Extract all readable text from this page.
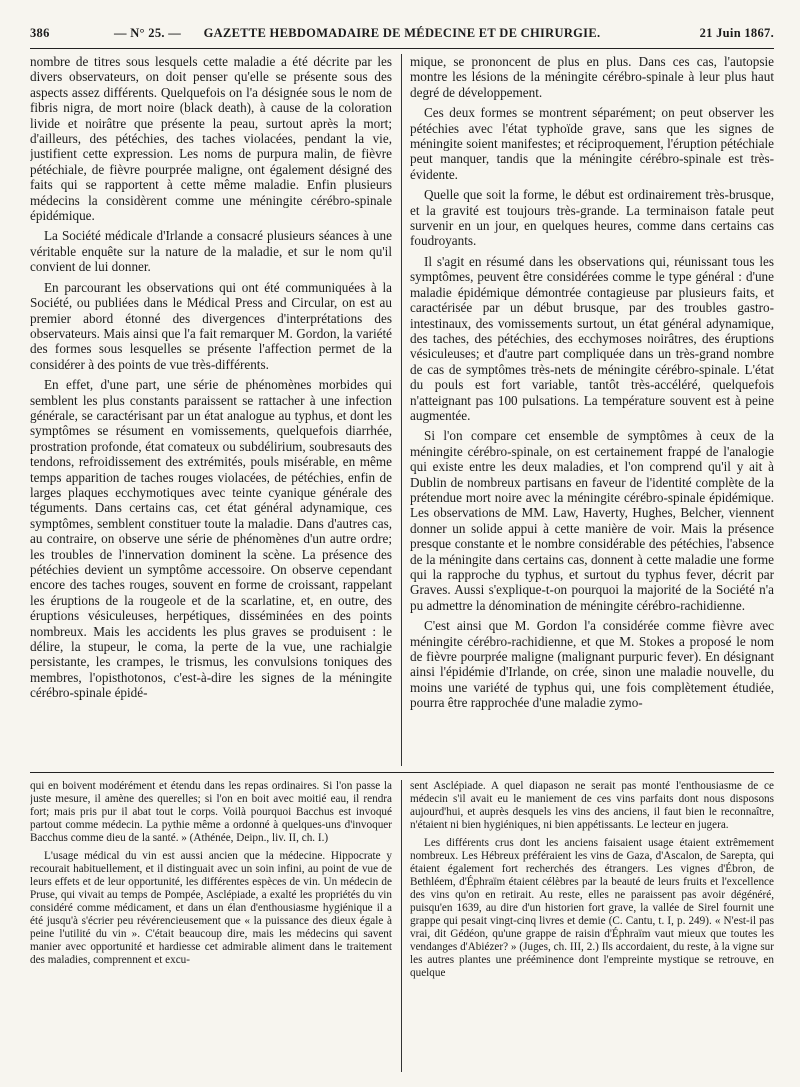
386	— N° 25. —	GAZETTE HEBDOMADAIRE DE MÉDECINE ET DE CHIRURGIE.	21 Juin 1867.

nombre de titres sous lesquels cette maladie a été décrite par les divers observateurs, on doit penser qu'elle se présente sous des aspects assez différents. Quelquefois on l'a désignée sous le nom de fibris nigra, de mort noire (black death), à cause de la coloration livide et noirâtre que présente la peau, surtout après la mort; d'ailleurs, des pétéchies, des taches violacées, pendant la vie, justifient cette expression. Les noms de purpura malin, de fièvre pétéchiale, de fièvre pourprée maligne, ont également désigné des faits qui se rapportent à cette même maladie. Enfin plusieurs médecins la considèrent comme une méningite cérébro-spinale épidémique.

La Société médicale d'Irlande a consacré plusieurs séances à une véritable enquête sur la nature de la maladie, et sur le nom qu'il convient de lui donner.

En parcourant les observations qui ont été communiquées à la Société, ou publiées dans le Médical Press and Circular, on est au premier abord étonné des divergences d'interprétations des observateurs. Mais ainsi que l'a fait remarquer M. Gordon, la variété des formes sous lesquelles se présente l'affection permet de la considérer à des points de vue très-différents.

En effet, d'une part, une série de phénomènes morbides qui semblent les plus constants paraissent se rattacher à une infection générale, se caractérisant par un état analogue au typhus, et dont les symptômes se résument en vomissements, quelquefois diarrhée, prostration profonde, état comateux ou subdélirium, soubresauts des tendons, refroidissement des extrémités, pouls misérable, en même temps apparition de taches rouges violacées, de pétéchies, enfin de larges plaques ecchymotiques avec teinte cyanique générale des téguments. Dans certains cas, cet état général adynamique, ces symptômes, semblent constituer toute la maladie. Dans d'autres cas, au contraire, on observe une série de phénomènes d'un autre ordre; les troubles de l'innervation dominent la scène. La présence des pétéchies devient un symptôme accessoire. On observe cependant encore des taches rouges, souvent en forme de croissant, rappelant les éruptions de la rougeole et de la scarlatine, et, en outre, des éruptions vésiculeuses, herpétiques, disséminées en des points nombreux. Mais les accidents les plus graves se produisent : le délire, la stupeur, le coma, la perte de la vue, une rachialgie persistante, les crampes, le trismus, les convulsions toniques des membres, l'opisthotonos, c'est-à-dire les signes de la méningite cérébro-spinale épidé-

mique, se prononcent de plus en plus. Dans ces cas, l'autopsie montre les lésions de la méningite cérébro-spinale à leur plus haut degré de développement.

Ces deux formes se montrent séparément; on peut observer les pétéchies avec l'état typhoïde grave, sans que les signes de méningite soient manifestes; et réciproquement, l'éruption pétéchiale peut manquer, tandis que la méningite cérébro-spinale est très-évidente.

Quelle que soit la forme, le début est ordinairement très-brusque, et la gravité est toujours très-grande. La terminaison fatale peut survenir en un jour, en quelques heures, comme dans certains cas foudroyants.

Il s'agit en résumé dans les observations qui, réunissant tous les symptômes, peuvent être considérées comme le type général : d'une maladie épidémique démontrée contagieuse par plusieurs faits, et caractérisée par un début brusque, par des troubles gastro-intestinaux, des vomissements surtout, un état général adynamique, des taches, des pétéchies, des ecchymoses noirâtres, des éruptions vésiculeuses; et d'autre part compliquée dans un très-grand nombre de cas de symptômes très-nets de méningite cérébro-spinale. L'état du pouls est fort variable, tantôt très-accéléré, quelquefois n'atteignant pas 100 pulsations. La température souvent est à peine augmentée.

Si l'on compare cet ensemble de symptômes à ceux de la méningite cérébro-spinale, on est certainement frappé de l'analogie qui existe entre les deux maladies, et l'on comprend qu'il y ait à Dublin de nombreux partisans en faveur de l'identité complète de la prétendue mort noire avec la méningite cérébro-spinale épidémique. Les observations de MM. Law, Haverty, Hughes, Belcher, viennent donner un solide appui à cette manière de voir. Mais la présence presque constante et le nombre considérable des pétéchies, l'absence de la méningite dans certains cas, donnent à cette maladie une forme qui la rapproche du typhus, et surtout du typhus fever, décrit par Graves. Aussi s'explique-t-on pourquoi la majorité de la Société n'a pu admettre la dénomination de méningite cérébro-rachidienne.

C'est ainsi que M. Gordon l'a considérée comme fièvre avec méningite cérébro-rachidienne, et que M. Stokes a proposé le nom de fièvre pourprée maligne (malignant purpuric fever). En désignant ainsi l'épidémie d'Irlande, on crée, sinon une maladie nouvelle, du moins une variété de typhus qui, une fois complètement étudiée, pourra être rapprochée d'une maladie zymo-

qui en boivent modérément et étendu dans les repas ordinaires. Si l'on passe la juste mesure, il amène des querelles; si l'on en boit avec moitié eau, il rendra fort; mais pris pur il abat tout le corps. Voilà pourquoi Bacchus est invoqué partout comme médecin. La pythie même a ordonné à quelques-uns d'invoquer Bacchus comme dieu de la santé. » (Athénée, Deipn., liv. II, ch. I.)

L'usage médical du vin est aussi ancien que la médecine. Hippocrate y recourait habituellement, et il distinguait avec un soin infini, au point de vue de leurs effets et de leur opportunité, les différentes espèces de vin. Un médecin de Pruse, qui vivait au temps de Pompée, Asclépiade, a exalté les propriétés du vin considéré comme médicament, et dans un élan d'enthousiasme hygiénique il a été jusqu'à s'écrier peu révérencieusement que « la puissance des dieux égale à peine l'utilité du vin ». C'était beaucoup dire, mais les médecins qui savent manier avec opportunité et hardiesse cet admirable aliment dans le traitement des maladies, comprennent et excu-

sent Asclépiade. A quel diapason ne serait pas monté l'enthousiasme de ce médecin s'il avait eu le maniement de ces vins parfaits dont nous disposons aujourd'hui, et auprès desquels les vins des anciens, il faut bien le reconnaître, n'étaient ni bien hygiéniques, ni bien appétissants. Le lecteur en jugera.

Les différents crus dont les anciens faisaient usage étaient extrêmement nombreux. Les Hébreux préféraient les vins de Gaza, d'Ascalon, de Sarepta, qui étaient également fort recherchés des étrangers. Les vignes d'Ébron, de Bethléem, d'Éphraïm étaient célèbres par la beauté de leurs fruits et l'excellence des vins qu'on en retirait. Au reste, elles ne paraissent pas avoir dégénéré, puisqu'en 1639, au dire d'un historien fort grave, la vallée de Sirel fournit une grappe qui pesait vingt-cinq livres et demie (C. Cantu, t. I, p. 249). « N'est-il pas vrai, dit Gédéon, qu'une grappe de raisin d'Éphraïm vaut mieux que toutes les vendanges d'Abiézer? » (Juges, ch. III, 2.) Ils accordaient, du reste, à la vigne sur les autres plantes une prééminence dont l'empreinte mystique se retrouve, en quelque
